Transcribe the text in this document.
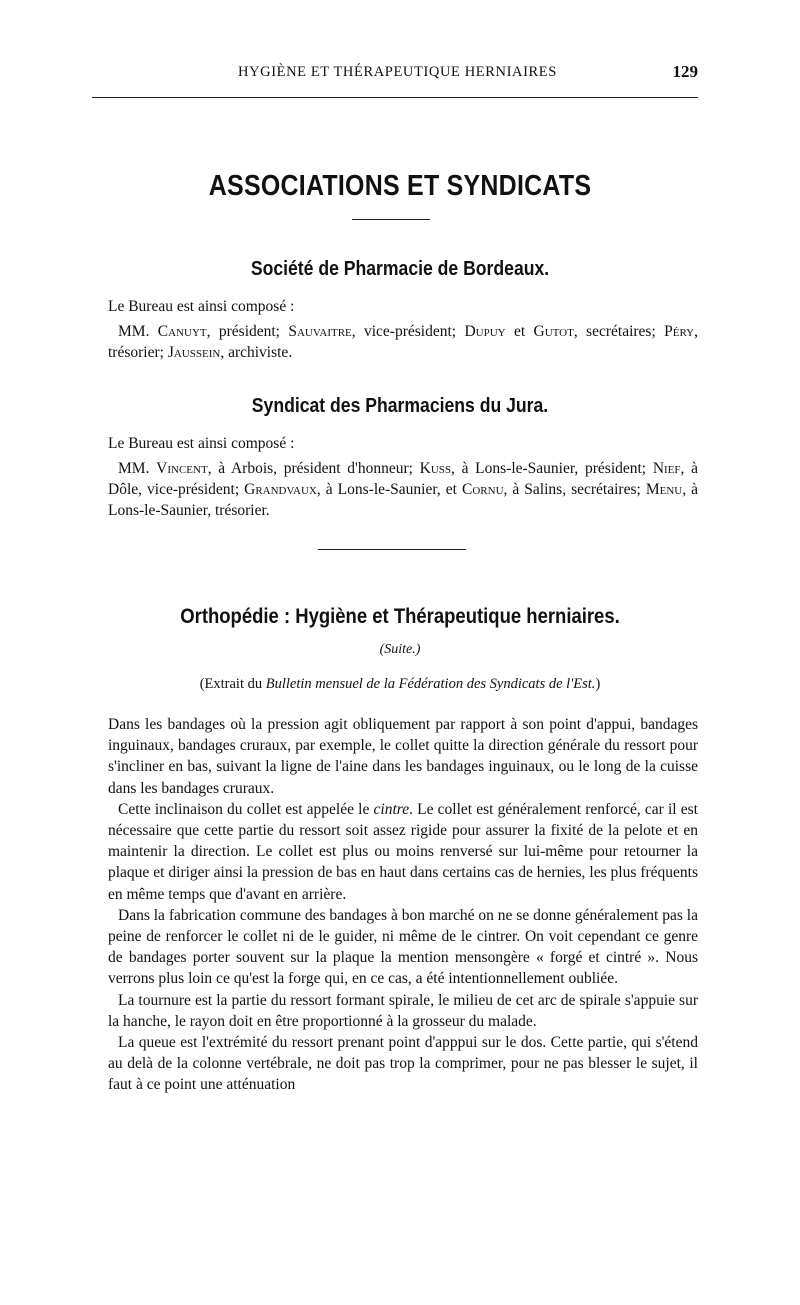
HYGIÈNE ET THÉRAPEUTIQUE HERNIAIRES	129
ASSOCIATIONS ET SYNDICATS
Société de Pharmacie de Bordeaux.

Le Bureau est ainsi composé :

MM. Canuyt, président; Sauvaitre, vice-président; Dupuy et Gutot, secrétaires; Péry, trésorier; Jaussein, archiviste.

Syndicat des Pharmaciens du Jura.

Le Bureau est ainsi composé :

MM. Vincent, à Arbois, président d'honneur; Kuss, à Lons-le-Saunier, président; Nief, à Dôle, vice-président; Grandvaux, à Lons-le-Saunier, et Cornu, à Salins, secrétaires; Menu, à Lons-le-Saunier, trésorier.

Orthopédie : Hygiène et Thérapeutique herniaires.
(Suite.)
(Extrait du Bulletin mensuel de la Fédération des Syndicats de l'Est.)

Dans les bandages où la pression agit obliquement par rapport à son point d'appui, bandages inguinaux, bandages cruraux, par exemple, le collet quitte la direction générale du ressort pour s'incliner en bas, suivant la ligne de l'aine dans les bandages inguinaux, ou le long de la cuisse dans les bandages cruraux.

Cette inclinaison du collet est appelée le cintre. Le collet est généralement renforcé, car il est nécessaire que cette partie du ressort soit assez rigide pour assurer la fixité de la pelote et en maintenir la direction. Le collet est plus ou moins renversé sur lui-même pour retourner la plaque et diriger ainsi la pression de bas en haut dans certains cas de hernies, les plus fréquents en même temps que d'avant en arrière.

Dans la fabrication commune des bandages à bon marché on ne se donne généralement pas la peine de renforcer le collet ni de le guider, ni même de le cintrer. On voit cependant ce genre de bandages porter souvent sur la plaque la mention mensongère « forgé et cintré ». Nous verrons plus loin ce qu'est la forge qui, en ce cas, a été intentionnellement oubliée.

La tournure est la partie du ressort formant spirale, le milieu de cet arc de spirale s'appuie sur la hanche, le rayon doit en être proportionné à la grosseur du malade.

La queue est l'extrémité du ressort prenant point d'apppui sur le dos. Cette partie, qui s'étend au delà de la colonne vertébrale, ne doit pas trop la comprimer, pour ne pas blesser le sujet, il faut à ce point une atténuation
